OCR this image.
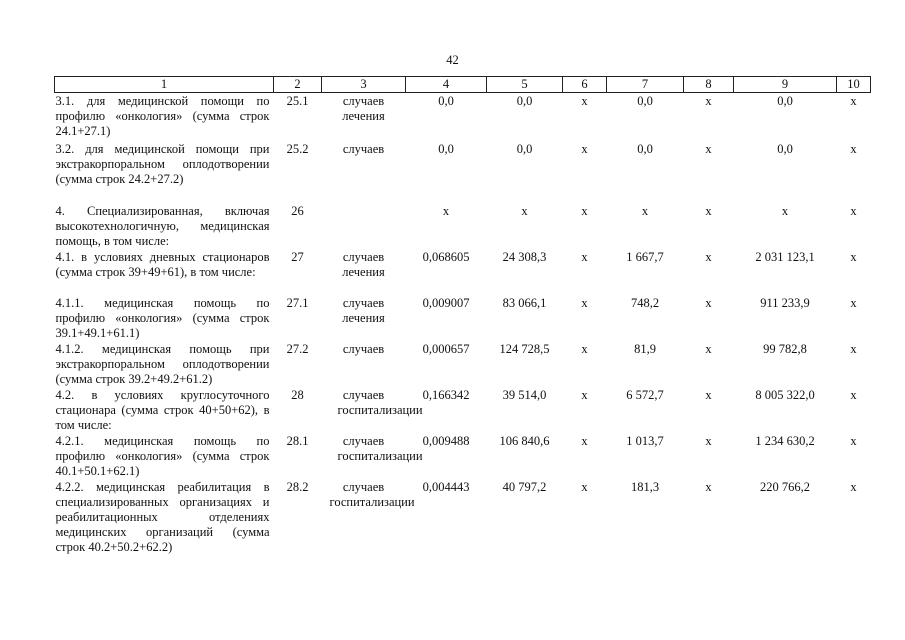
42
1	2	3	4	5	6	7	8	9	10
3.1. для медицинской помощи по профилю «онкология» (сумма строк 24.1+27.1)	25.1	случаев лечения	0,0	0,0	х	0,0	х	0,0	х
3.2. для медицинской помощи при экстракорпоральном оплодотворении (сумма строк 24.2+27.2)	25.2	случаев	0,0	0,0	х	0,0	х	0,0	х
4. Специализированная, включая высокотехнологичную, медицинская помощь, в том числе:	26		х	х	х	х	х	х	х
4.1. в условиях дневных стационаров (сумма строк 39+49+61), в том числе:	27	случаев лечения	0,068605	24 308,3	х	1 667,7	х	2 031 123,1	х
4.1.1. медицинская помощь по профилю «онкология» (сумма строк 39.1+49.1+61.1)	27.1	случаев лечения	0,009007	83 066,1	х	748,2	х	911 233,9	х
4.1.2. медицинская помощь при экстракорпоральном оплодотворении (сумма строк 39.2+49.2+61.2)	27.2	случаев	0,000657	124 728,5	х	81,9	х	99 782,8	х
4.2. в условиях круглосуточного стационара (сумма строк 40+50+62), в том числе:	28	случаев госпитализации	0,166342	39 514,0	х	6 572,7	х	8 005 322,0	х
4.2.1. медицинская помощь по профилю «онкология» (сумма строк 40.1+50.1+62.1)	28.1	случаев госпитализации	0,009488	106 840,6	х	1 013,7	х	1 234 630,2	х
4.2.2. медицинская реабилитация в специализированных организациях и реабилитационных отделениях медицинских организаций (сумма строк 40.2+50.2+62.2)	28.2	случаев госпитализации	0,004443	40 797,2	х	181,3	х	220 766,2	х
